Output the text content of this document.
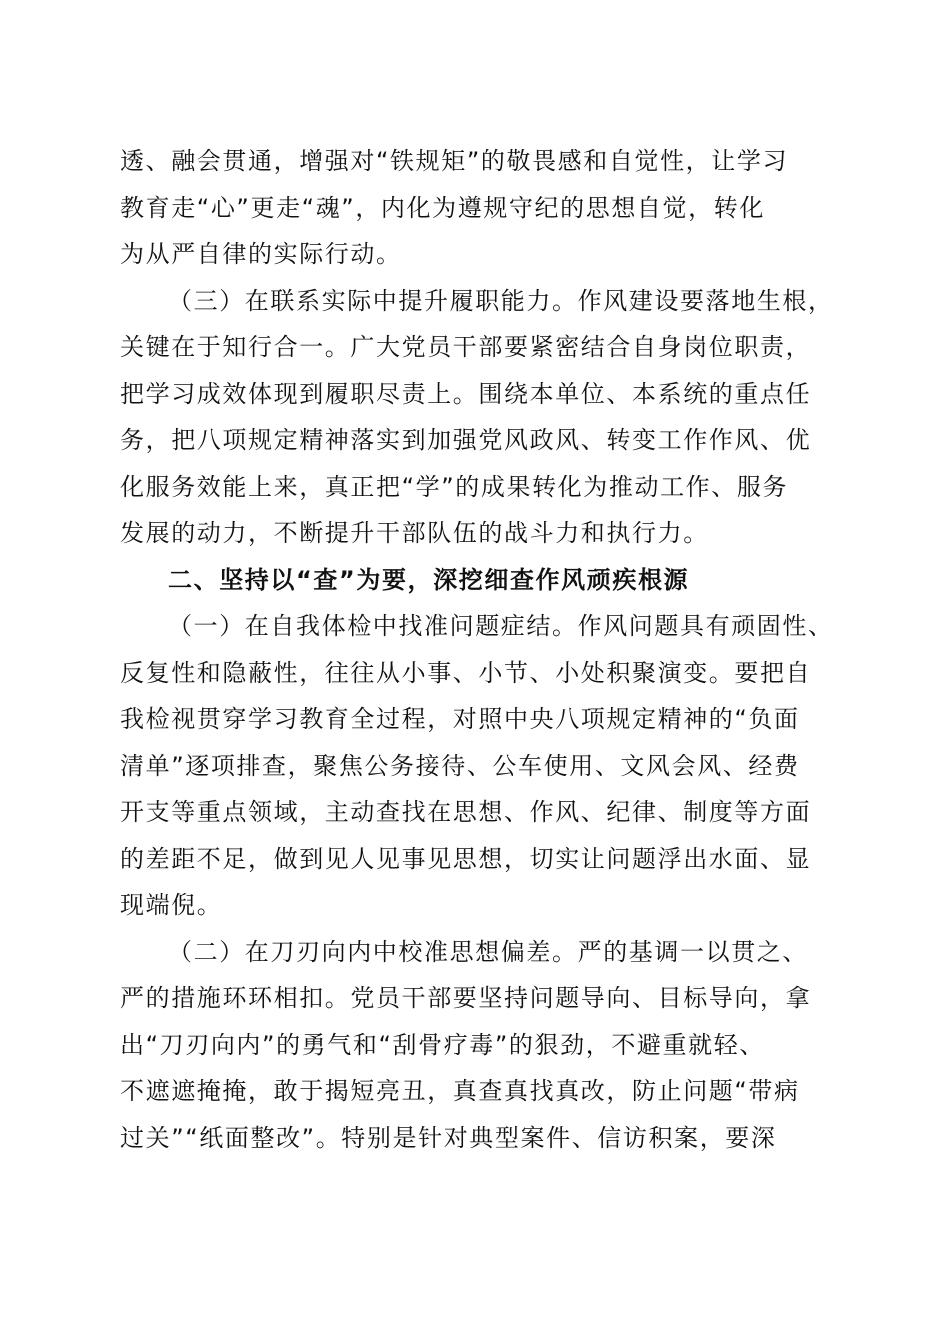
透、融会贯通，增强对“铁规矩”的敬畏感和自觉性，让学习
教育走“心”更走“魂”，内化为遵规守纪的思想自觉，转化
为从严自律的实际行动。
（三）在联系实际中提升履职能力。作风建设要落地生根，
关键在于知行合一。广大党员干部要紧密结合自身岗位职责，
把学习成效体现到履职尽责上。围绕本单位、本系统的重点任
务，把八项规定精神落实到加强党风政风、转变工作作风、优
化服务效能上来，真正把“学”的成果转化为推动工作、服务
发展的动力，不断提升干部队伍的战斗力和执行力。
二、坚持以“查”为要，深挖细查作风顽疾根源
（一）在自我体检中找准问题症结。作风问题具有顽固性、
反复性和隐蔽性，往往从小事、小节、小处积聚演变。要把自
我检视贯穿学习教育全过程，对照中央八项规定精神的“负面
清单”逐项排查，聚焦公务接待、公车使用、文风会风、经费
开支等重点领域，主动查找在思想、作风、纪律、制度等方面
的差距不足，做到见人见事见思想，切实让问题浮出水面、显
现端倪。
（二）在刀刃向内中校准思想偏差。严的基调一以贯之、
严的措施环环相扣。党员干部要坚持问题导向、目标导向，拿
出“刀刃向内”的勇气和“刮骨疗毒”的狠劲，不避重就轻、
不遮遮掩掩，敢于揭短亮丑，真查真找真改，防止问题“带病
过关”“纸面整改”。特别是针对典型案件、信访积案，要深
